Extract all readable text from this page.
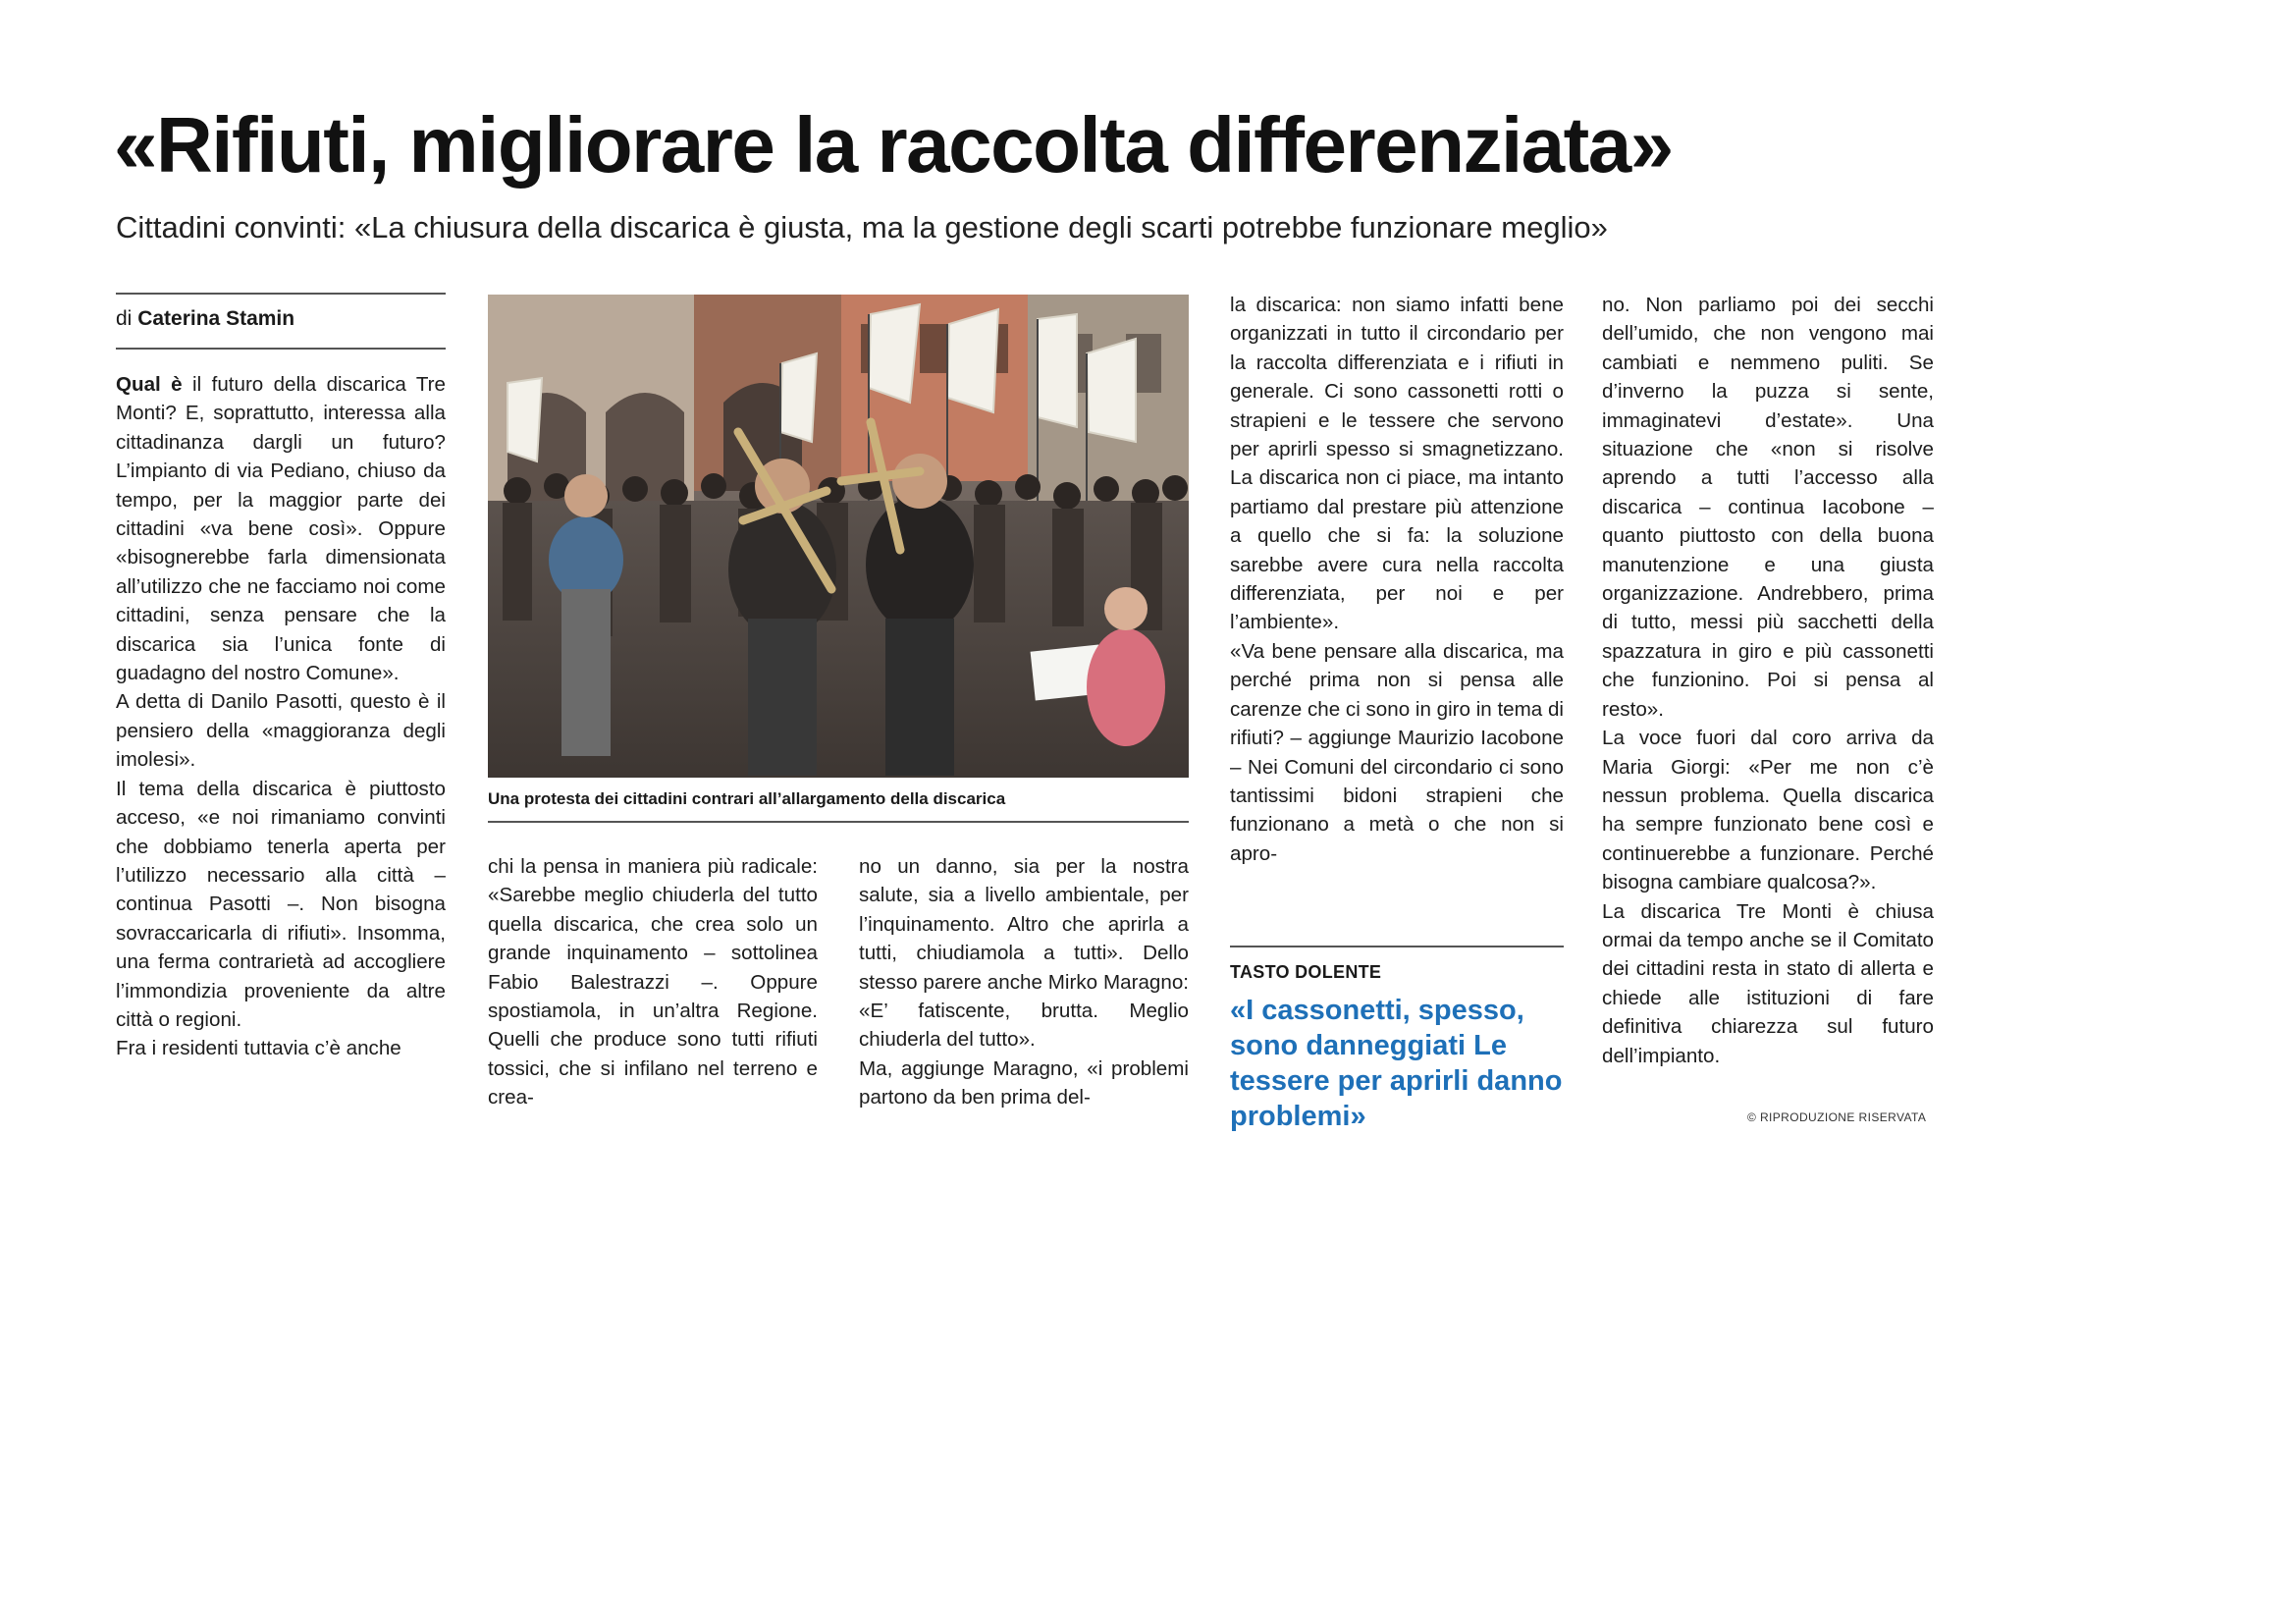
«Rifiuti, migliorare la raccolta differenziata»

Cittadini convinti: «La chiusura della discarica è giusta, ma la gestione degli scarti potrebbe funzionare meglio»

di Caterina Stamin

Qual è il futuro della discarica Tre Monti? E, soprattutto, interessa alla cittadinanza dargli un futuro? L’impianto di via Pediano, chiuso da tempo, per la maggior parte dei cittadini «va bene così». Oppure «bisognerebbe farla dimensionata all’utilizzo che ne facciamo noi come cittadini, senza pensare che la discarica sia l’unica fonte di guadagno del nostro Comune».

A detta di Danilo Pasotti, questo è il pensiero della «maggioranza degli imolesi».

Il tema della discarica è piuttosto acceso, «e noi rimaniamo convinti che dobbiamo tenerla aperta per l’utilizzo necessario alla città – continua Pasotti –. Non bisogna sovraccaricarla di rifiuti». Insomma, una ferma contrarietà ad accogliere l’immondizia proveniente da altre città o regioni.

Fra i residenti tuttavia c’è anche

Una protesta dei cittadini contrari all’allargamento della discarica

chi la pensa in maniera più radicale: «Sarebbe meglio chiuderla del tutto quella discarica, che crea solo un grande inquinamento – sottolinea Fabio Balestrazzi –. Oppure spostiamola, in un’altra Regione. Quelli che produce sono tutti rifiuti tossici, che si infilano nel terreno e crea-

no un danno, sia per la nostra salute, sia a livello ambientale, per l’inquinamento. Altro che aprirla a tutti, chiudiamola a tutti». Dello stesso parere anche Mirko Maragno: «E’ fatiscente, brutta. Meglio chiuderla del tutto».

Ma, aggiunge Maragno, «i problemi partono da ben prima del-

la discarica: non siamo infatti bene organizzati in tutto il circondario per la raccolta differenziata e i rifiuti in generale. Ci sono cassonetti rotti o strapieni e le tessere che servono per aprirli spesso si smagnetizzano. La discarica non ci piace, ma intanto partiamo dal prestare più attenzione a quello che si fa: la soluzione sarebbe avere cura nella raccolta differenziata, per noi e per l’ambiente».

«Va bene pensare alla discarica, ma perché prima non si pensa alle carenze che ci sono in giro in tema di rifiuti? – aggiunge Maurizio Iacobone – Nei Comuni del circondario ci sono tantissimi bidoni strapieni che funzionano a metà o che non si apro-

TASTO DOLENTE

«I cassonetti, spesso, sono danneggiati Le tessere per aprirli danno problemi»

no. Non parliamo poi dei secchi dell’umido, che non vengono mai cambiati e nemmeno puliti. Se d’inverno la puzza si sente, immaginatevi d’estate». Una situazione che «non si risolve aprendo a tutti l’accesso alla discarica – continua Iacobone – quanto piuttosto con della buona manutenzione e una giusta organizzazione. Andrebbero, prima di tutto, messi più sacchetti della spazzatura in giro e più cassonetti che funzionino. Poi si pensa al resto».

La voce fuori dal coro arriva da Maria Giorgi: «Per me non c’è nessun problema. Quella discarica ha sempre funzionato bene così e continuerebbe a funzionare. Perché bisogna cambiare qualcosa?».

La discarica Tre Monti è chiusa ormai da tempo anche se il Comitato dei cittadini resta in stato di allerta e chiede alle istituzioni di fare definitiva chiarezza sul futuro dell’impianto.

© RIPRODUZIONE RISERVATA
